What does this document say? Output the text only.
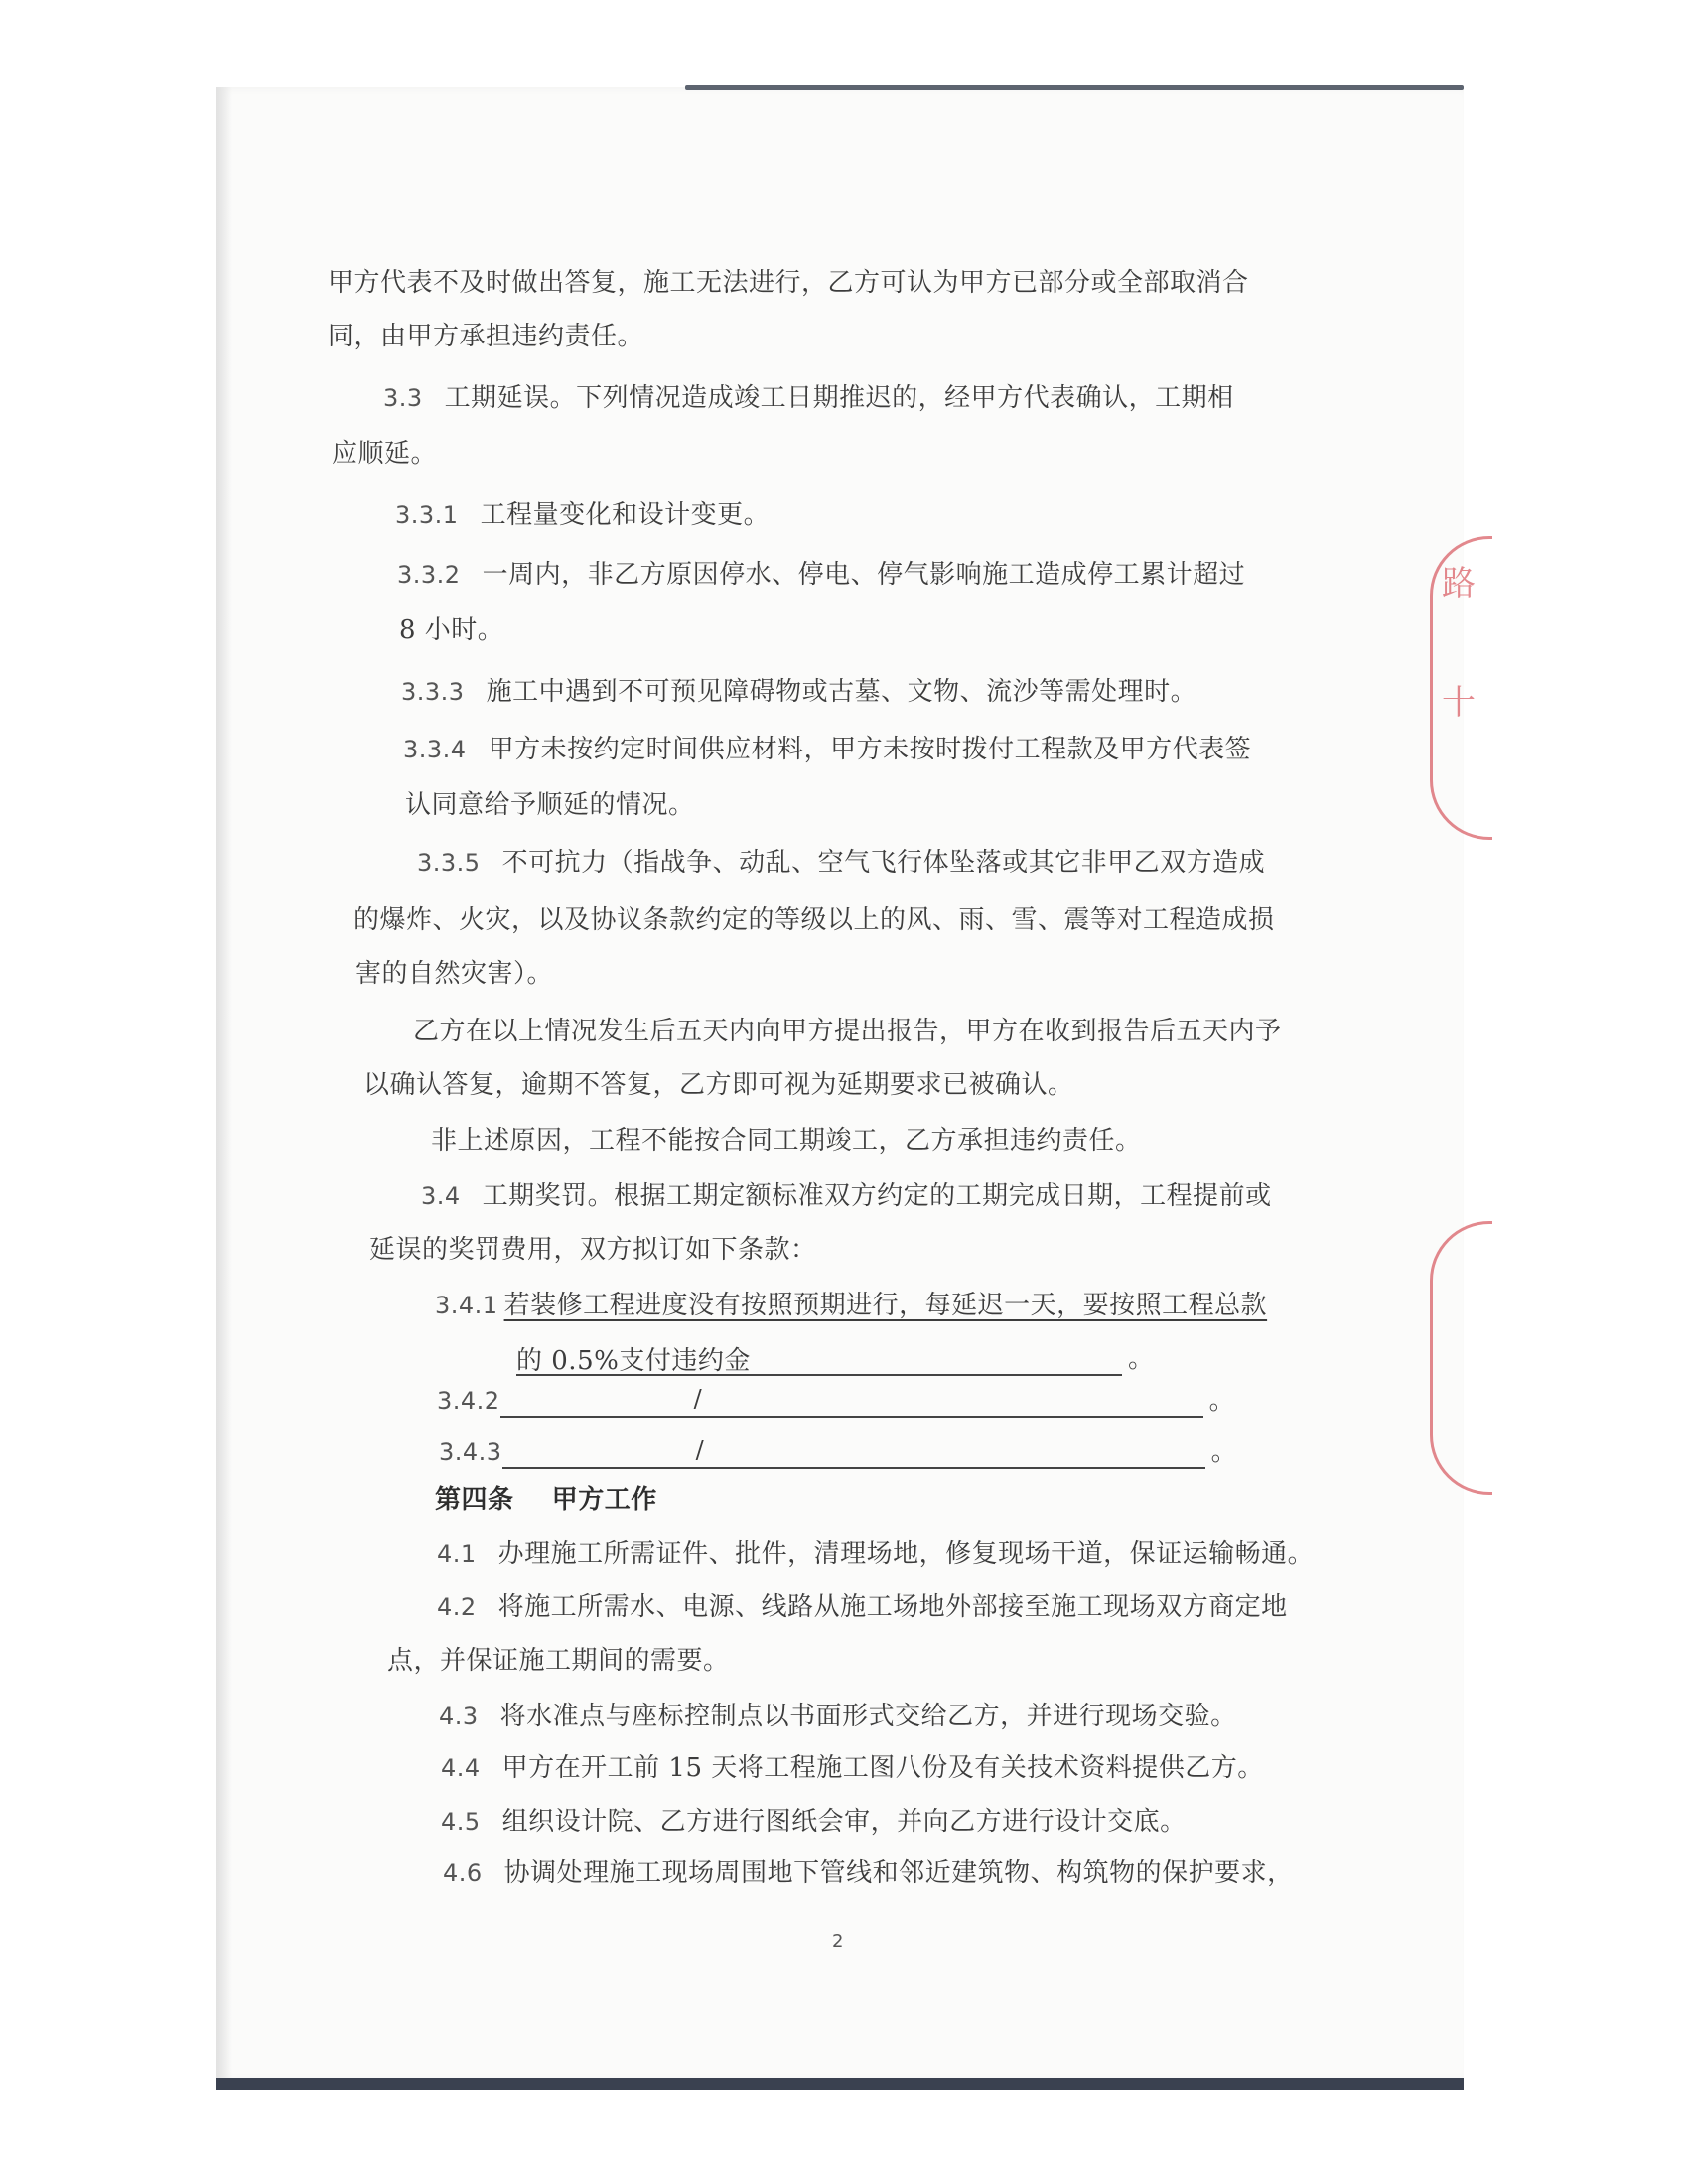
路
十
甲方代表不及时做出答复，施工无法进行，乙方可认为甲方已部分或全部取消合
同，由甲方承担违约责任。
3.3 工期延误。下列情况造成竣工日期推迟的，经甲方代表确认，工期相
应顺延。
3.3.1 工程量变化和设计变更。
3.3.2 一周内，非乙方原因停水、停电、停气影响施工造成停工累计超过
8 小时。
3.3.3 施工中遇到不可预见障碍物或古墓、文物、流沙等需处理时。
3.3.4 甲方未按约定时间供应材料，甲方未按时拨付工程款及甲方代表签
认同意给予顺延的情况。
3.3.5 不可抗力（指战争、动乱、空气飞行体坠落或其它非甲乙双方造成
的爆炸、火灾，以及协议条款约定的等级以上的风、雨、雪、震等对工程造成损
害的自然灾害）。
乙方在以上情况发生后五天内向甲方提出报告，甲方在收到报告后五天内予
以确认答复，逾期不答复，乙方即可视为延期要求已被确认。
非上述原因，工程不能按合同工期竣工，乙方承担违约责任。
3.4 工期奖罚。根据工期定额标准双方约定的工期完成日期，工程提前或
延误的奖罚费用，双方拟订如下条款：
3.4.1 若装修工程进度没有按照预期进行，每延迟一天，要按照工程总款
的 0.5%支付违约金	。
3.4.2	/	。
3.4.3	/	。
第四条    甲方工作
4.1 办理施工所需证件、批件，清理场地，修复现场干道，保证运输畅通。
4.2 将施工所需水、电源、线路从施工场地外部接至施工现场双方商定地
点，并保证施工期间的需要。
4.3 将水准点与座标控制点以书面形式交给乙方，并进行现场交验。
4.4 甲方在开工前 15 天将工程施工图八份及有关技术资料提供乙方。
4.5 组织设计院、乙方进行图纸会审，并向乙方进行设计交底。
4.6 协调处理施工现场周围地下管线和邻近建筑物、构筑物的保护要求，
2
